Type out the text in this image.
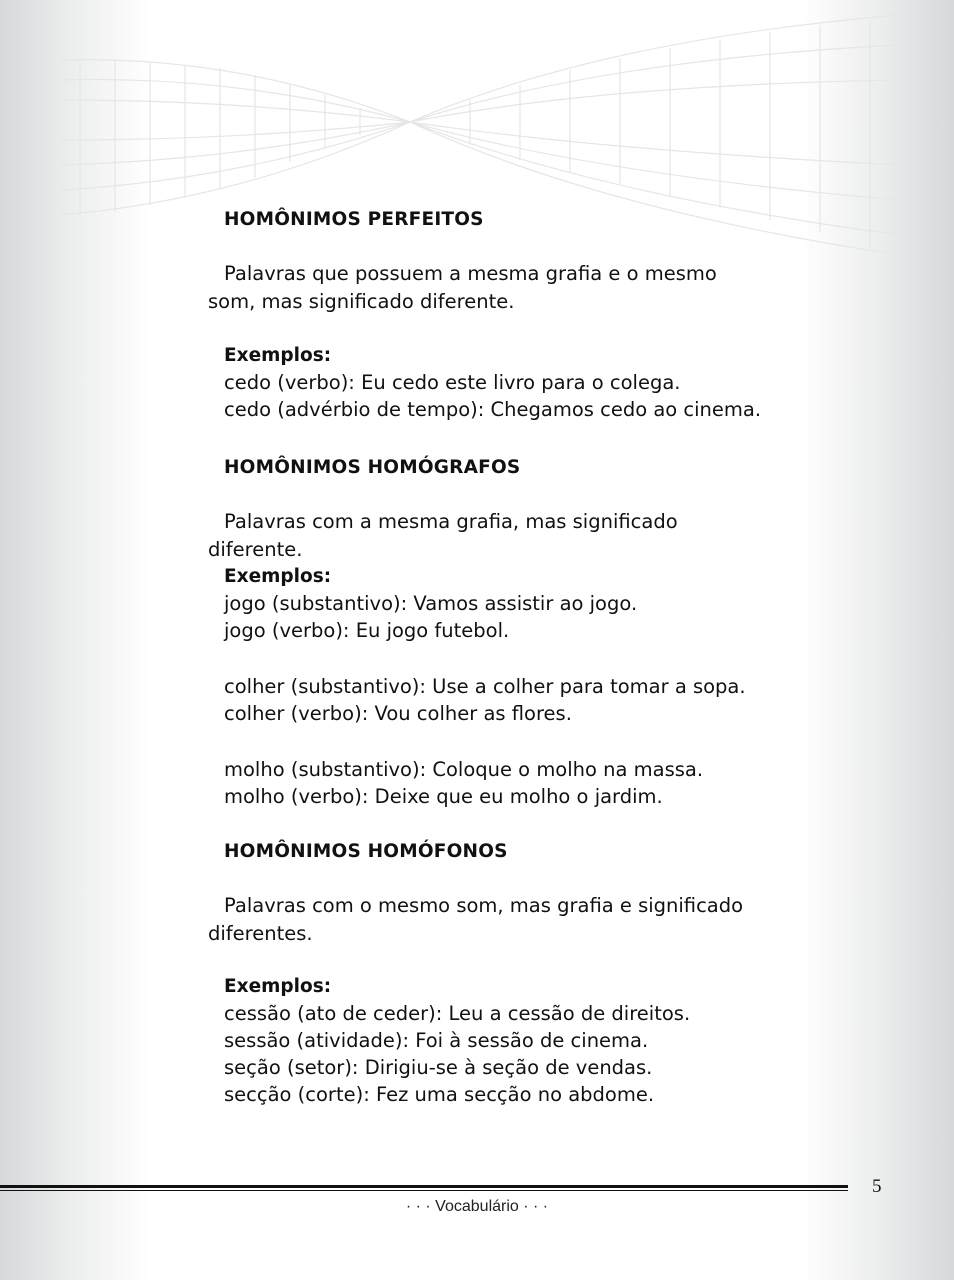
HOMÔNIMOS PERFEITOS
Palavras que possuem a mesma grafia e o mesmo som, mas significado diferente.
Exemplos:
cedo (verbo): Eu cedo este livro para o colega.
cedo (advérbio de tempo): Chegamos cedo ao cinema.
HOMÔNIMOS HOMÓGRAFOS
Palavras com a mesma grafia, mas significado diferente.
Exemplos:
jogo (substantivo): Vamos assistir ao jogo.
jogo (verbo): Eu jogo futebol.
colher (substantivo): Use a colher para tomar a sopa.
colher (verbo): Vou colher as flores.
molho (substantivo): Coloque o molho na massa.
molho (verbo): Deixe que eu molho o jardim.
HOMÔNIMOS HOMÓFONOS
Palavras com o mesmo som, mas grafia e significado diferentes.
Exemplos:
cessão (ato de ceder): Leu a cessão de direitos.
sessão (atividade): Foi à sessão de cinema.
seção (setor): Dirigiu-se à seção de vendas.
secção (corte): Fez uma secção no abdome.
5
· · · Vocabulário · · ·
